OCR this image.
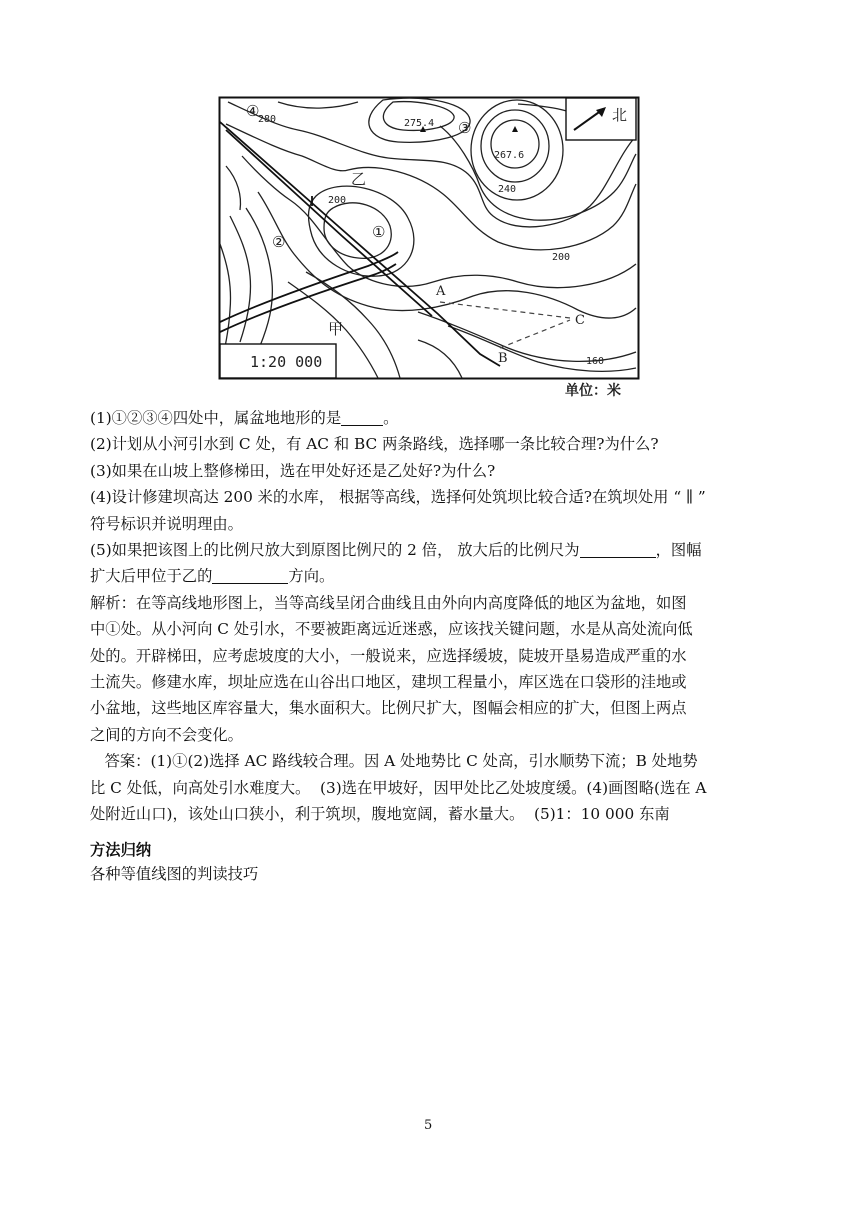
1:20 000
北
275.4
267.6
280
240
200
200
160
①
②
③
④
乙
甲
A
B
C
单位：米

(1)①②③④四处中，属盆地地形的是	。

(2)计划从小河引水到 C 处，有 AC 和 BC 两条路线，选择哪一条比较合理?为什么?

(3)如果在山坡上整修梯田，选在甲处好还是乙处好?为什么?

(4)设计修建坝高达 200 米的水库， 根据等高线，选择何处筑坝比较合适?在筑坝处用 “ ∥ ”

符号标识并说明理由。

(5)如果把该图上的比例尺放大到原图比例尺的 2 倍， 放大后的比例尺为	，图幅

扩大后甲位于乙的	方向。

解析：在等高线地形图上，当等高线呈闭合曲线且由外向内高度降低的地区为盆地，如图

中①处。从小河向 C 处引水，不要被距离远近迷惑，应该找关键问题，水是从高处流向低

处的。开辟梯田，应考虑坡度的大小，一般说来，应选择缓坡，陡坡开垦易造成严重的水

土流失。修建水库，坝址应选在山谷出口地区，建坝工程量小，库区选在口袋形的洼地或

小盆地，这些地区库容量大，集水面积大。比例尺扩大，图幅会相应的扩大，但图上两点

之间的方向不会变化。

答案：(1)①(2)选择 AC 路线较合理。因 A 处地势比 C 处高，引水顺势下流；B 处地势

比 C 处低，向高处引水难度大。  (3)选在甲坡好，因甲处比乙处坡度缓。(4)画图略(选在 A

处附近山口)，该处山口狭小，利于筑坝，腹地宽阔，蓄水量大。  (5)1：10 000 东南

方法归纳
各种等值线图的判读技巧
5
